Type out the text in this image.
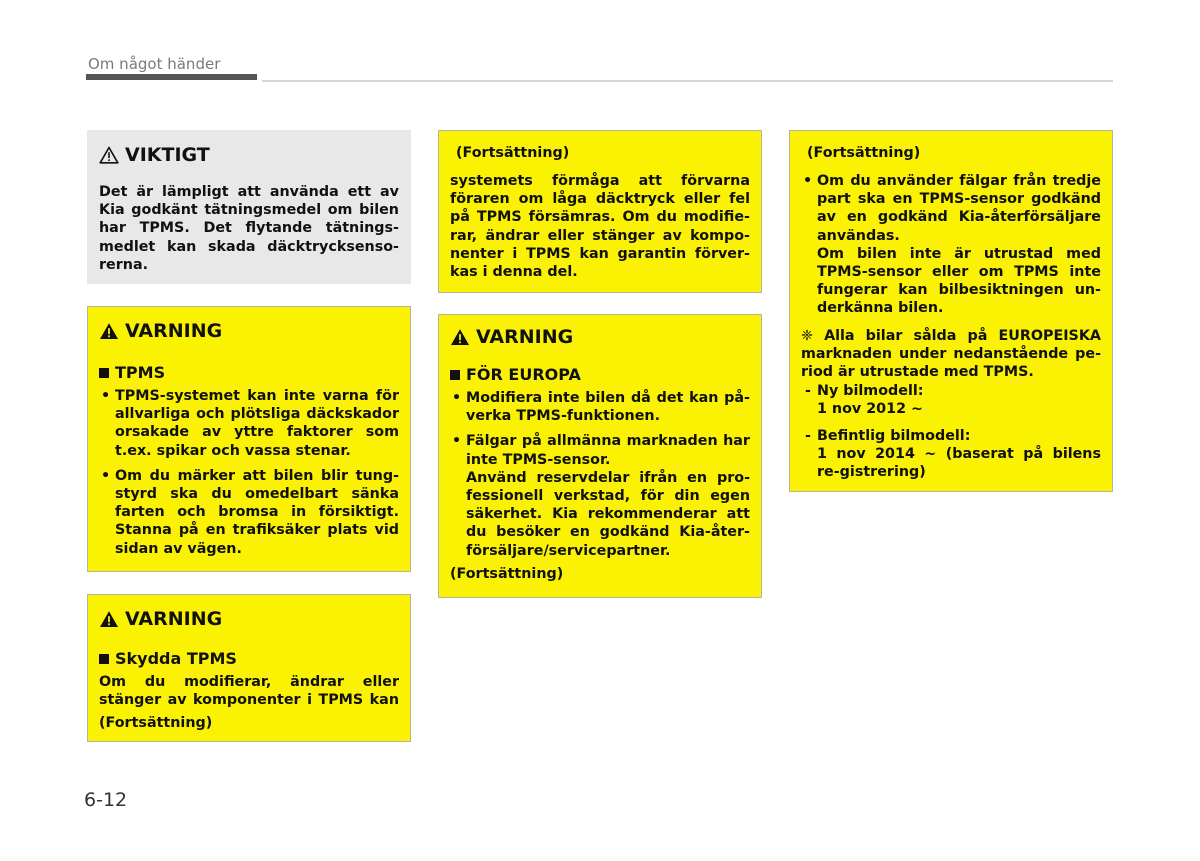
Om något händer
VIKTIGT
Det är lämpligt att använda ett av Kia godkänt tätningsmedel om bilen har TPMS. Det flytande tätnings-medlet kan skada däcktrycksenso-rerna.
VARNING
TPMS
• TPMS-systemet kan inte varna för allvarliga och plötsliga däckskador orsakade av yttre faktorer som t.ex. spikar och vassa stenar.
• Om du märker att bilen blir tung-styrd ska du omedelbart sänka farten och bromsa in försiktigt. Stanna på en trafiksäker plats vid sidan av vägen.
VARNING
Skydda TPMS
Om du modifierar, ändrar eller stänger av komponenter i TPMS kan
(Fortsättning)
(Fortsättning)
systemets förmåga att förvarna föraren om låga däcktryck eller fel på TPMS försämras. Om du modifie-rar, ändrar eller stänger av kompo-nenter i TPMS kan garantin förver-kas i denna del.
VARNING
FÖR EUROPA
• Modifiera inte bilen då det kan på-verka TPMS-funktionen.
• Fälgar på allmänna marknaden har inte TPMS-sensor.
Använd reservdelar ifrån en pro-fessionell verkstad, för din egen säkerhet. Kia rekommenderar att du besöker en godkänd Kia-åter-försäljare/servicepartner.
(Fortsättning)
(Fortsättning)
• Om du använder fälgar från tredje part ska en TPMS-sensor godkänd av en godkänd Kia-återförsäljare användas.
Om bilen inte är utrustad med TPMS-sensor eller om TPMS inte fungerar kan bilbesiktningen un-derkänna bilen.
❈ Alla bilar sålda på EUROPEISKA marknaden under nedanstående pe-riod är utrustade med TPMS.
- Ny bilmodell:
1 nov 2012 ~
- Befintlig bilmodell:
1 nov 2014 ~ (baserat på bilens re-gistrering)
6-12
